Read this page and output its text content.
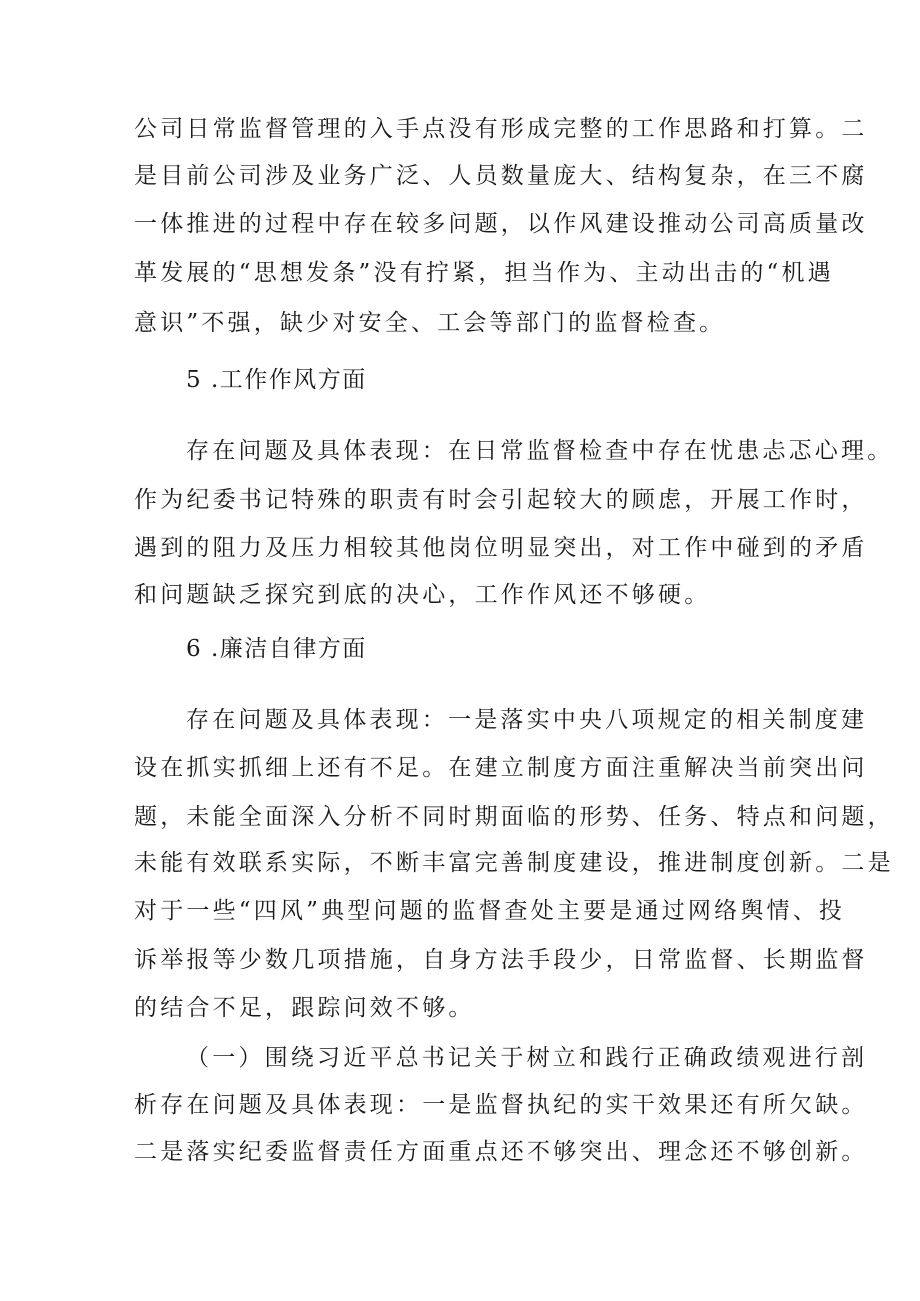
公司日常监督管理的入手点没有形成完整的工作思路和打算。二
是目前公司涉及业务广泛、人员数量庞大、结构复杂，在三不腐
一体推进的过程中存在较多问题，以作风建设推动公司高质量改
革发展的“思想发条”没有拧紧，担当作为、主动出击的“机遇
意识”不强，缺少对安全、工会等部门的监督检查。
5 .工作作风方面
存在问题及具体表现：在日常监督检查中存在忧患忐忑心理。
作为纪委书记特殊的职责有时会引起较大的顾虑，开展工作时，
遇到的阻力及压力相较其他岗位明显突出，对工作中碰到的矛盾
和问题缺乏探究到底的决心，工作作风还不够硬。
6 .廉洁自律方面
存在问题及具体表现：一是落实中央八项规定的相关制度建
设在抓实抓细上还有不足。在建立制度方面注重解决当前突出问
题，未能全面深入分析不同时期面临的形势、任务、特点和问题，
未能有效联系实际，不断丰富完善制度建设，推进制度创新。二是
对于一些“四风”典型问题的监督查处主要是通过网络舆情、投
诉举报等少数几项措施，自身方法手段少，日常监督、长期监督
的结合不足，跟踪问效不够。
（一）围绕习近平总书记关于树立和践行正确政绩观进行剖
析存在问题及具体表现：一是监督执纪的实干效果还有所欠缺。
二是落实纪委监督责任方面重点还不够突出、理念还不够创新。
